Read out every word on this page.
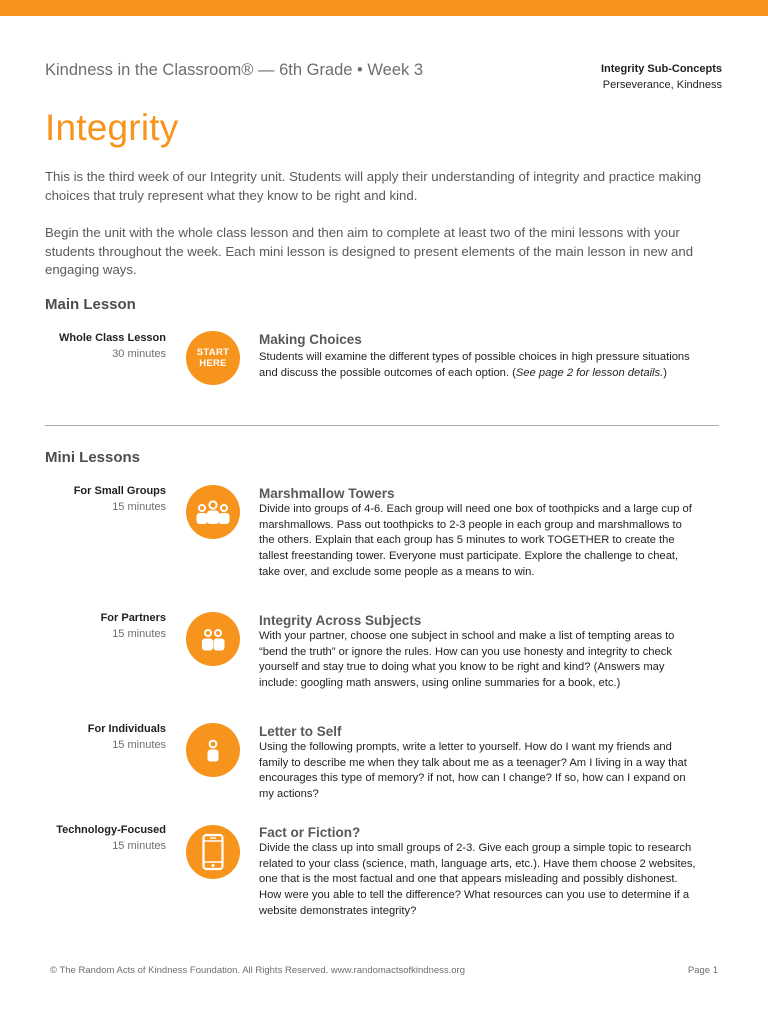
Kindness in the Classroom® — 6th Grade • Week 3	Integrity Sub-Concepts
Perseverance, Kindness
Integrity
This is the third week of our Integrity unit. Students will apply their understanding of integrity and practice making choices that truly represent what they know to be right and kind.
Begin the unit with the whole class lesson and then aim to complete at least two of the mini lessons with your students throughout the week. Each mini lesson is designed to present elements of the main lesson in new and engaging ways.
Main Lesson
Whole Class Lesson
30 minutes	START
HERE
Making Choices
Students will examine the different types of possible choices in high pressure situations and discuss the possible outcomes of each option. (See page 2 for lesson details.)
Mini Lessons
For Small Groups
15 minutes
Marshmallow Towers
Divide into groups of 4-6. Each group will need one box of toothpicks and a large cup of marshmallows. Pass out toothpicks to 2-3 people in each group and marshmallows to the others. Explain that each group has 5 minutes to work TOGETHER to create the tallest freestanding tower. Everyone must participate. Explore the challenge to cheat, take over, and exclude some people as a means to win.
For Partners
15 minutes
Integrity Across Subjects
With your partner, choose one subject in school and make a list of tempting areas to “bend the truth” or ignore the rules. How can you use honesty and integrity to check yourself and stay true to doing what you know to be right and kind? (Answers may include: googling math answers, using online summaries for a book, etc.)
For Individuals
15 minutes
Letter to Self
Using the following prompts, write a letter to yourself. How do I want my friends and family to describe me when they talk about me as a teenager? Am I living in a way that encourages this type of memory? if not, how can I change? If so, how can I expand on my actions?
Technology-Focused
15 minutes
Fact or Fiction?
Divide the class up into small groups of 2-3. Give each group a simple topic to research related to your class (science, math, language arts, etc.). Have them choose 2 websites, one that is the most factual and one that appears misleading and possibly dishonest. How were you able to tell the difference? What resources can you use to determine if a website demonstrates integrity?
© The Random Acts of Kindness Foundation. All Rights Reserved. www.randomactsofkindness.org	Page 1
